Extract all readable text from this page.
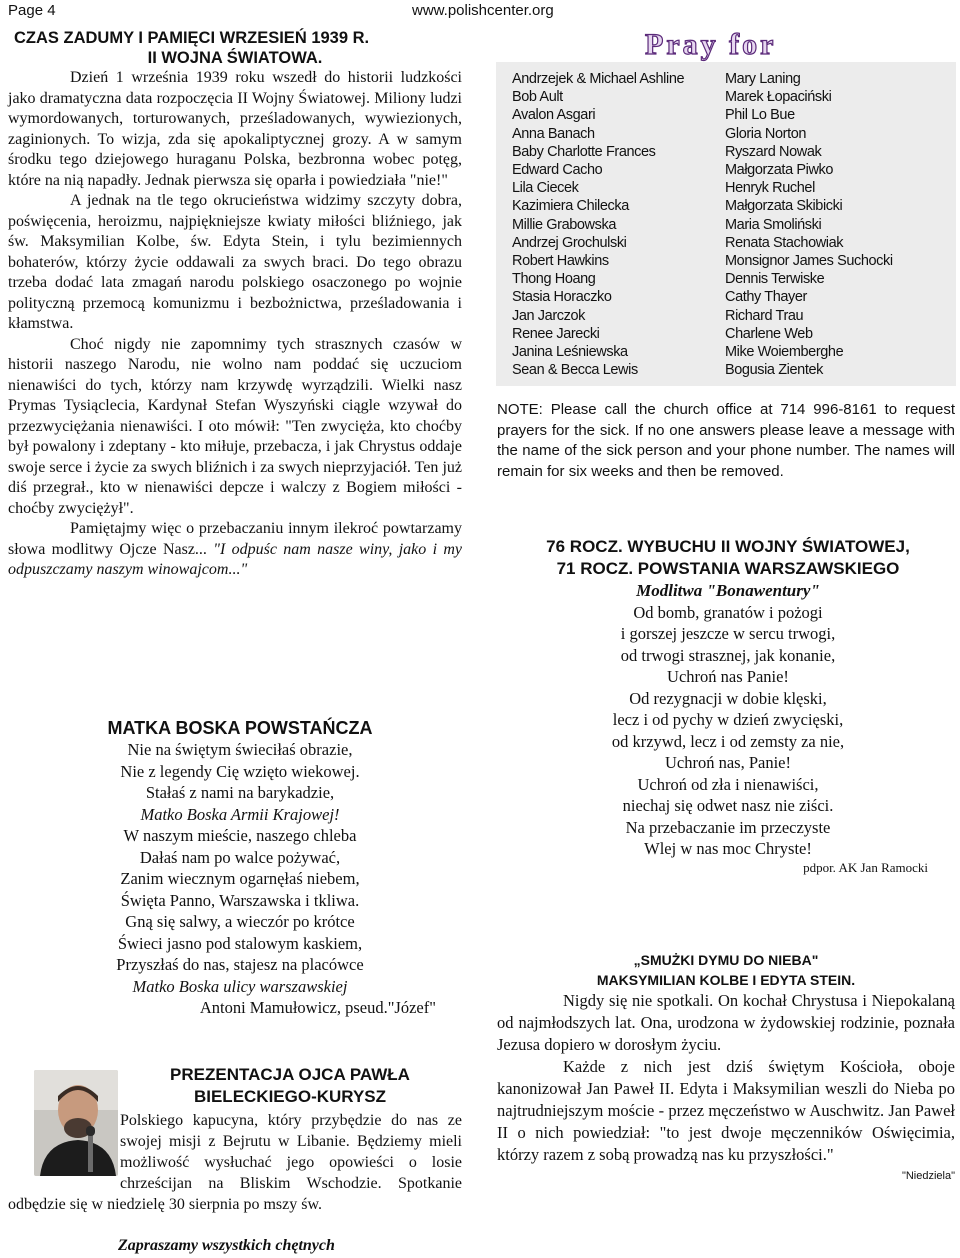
Page 4	www.polishcenter.org
CZAS ZADUMY I PAMIĘCI WRZESIEŃ 1939 R.
II WOJNA ŚWIATOWA.

Dzień 1 września 1939 roku wszedł do historii ludzkości jako dramatyczna data rozpoczęcia II Wojny Światowej. Miliony ludzi wymordowanych, torturowanych, prześladowanych, wywiezionych, zaginionych. To wizja, zda się apokaliptycznej grozy. A w samym środku tego dziejowego huraganu Polska, bezbronna wobec potęg, które na nią napadły. Jednak pierwsza się oparła i powiedziała "nie!"

A jednak na tle tego okrucieństwa widzimy szczyty dobra, poświęcenia, heroizmu, najpiękniejsze kwiaty miłości bliźniego, jak św. Maksymilian Kolbe, św. Edyta Stein, i tylu bezimiennych bohaterów, którzy życie oddawali za swych braci. Do tego obrazu trzeba dodać lata zmagań narodu polskiego osaczonego po wojnie polityczną przemocą komunizmu i bezbożnictwa, prześladowania i kłamstwa.

Choć nigdy nie zapomnimy tych strasznych czasów w historii naszego Narodu, nie wolno nam poddać się uczuciom nienawiści do tych, którzy nam krzywdę wyrządzili. Wielki nasz Prymas Tysiąclecia, Kardynał Stefan Wyszyński ciągle wzywał do przezwyciężania nienawiści. I oto mówił: "Ten zwycięża, kto choćby był powalony i zdeptany - kto miłuje, przebacza, i jak Chrystus oddaje swoje serce i życie za swych bliźnich i za swych nieprzyjaciół. Ten już diś przegrał., kto w nienawiści depcze i walczy z Bogiem miłości - choćby zwyciężył".

Pamiętajmy więc o przebaczaniu innym ilekroć powtarzamy słowa modlitwy Ojcze Nasz... "I odpuśc nam nasze winy, jako i my odpuszczamy naszym winowajcom..."

MATKA BOSKA POWSTAŃCZA
Nie na świętym świeciłaś obrazie,
Nie z legendy Cię wzięto wiekowej.
Stałaś z nami na barykadzie,
Matko Boska Armii Krajowej!
W naszym mieście, naszego chleba
Dałaś nam po walce pożywać,
Zanim wiecznym ogarnęłaś niebem,
Święta Panno, Warszawska i tkliwa.
Gną się salwy, a wieczór po krótce
Świeci jasno pod stalowym kaskiem,
Przyszłaś do nas, stajesz na placówce
Matko Boska ulicy warszawskiej
Antoni Mamułowicz, pseud."Józef"
PREZENTACJA OJCA PAWŁA
BIELECKIEGO-KURYSZ
Polskiego kapucyna, który przybędzie do nas ze swojej misji z Bejrutu w Libanie. Będziemy mieli możliwość wysłuchać jego opowieści o losie chrześcijan na Bliskim Wschodzie. Spotkanie odbędzie się w niedzielę 30 sierpnia po mszy św.
Zapraszamy wszystkich chętnych
Pray for
Andrzejek & Michael Ashline
Bob Ault
Avalon Asgari
Anna Banach
Baby Charlotte Frances
Edward Cacho
Lila Ciecek
Kazimiera Chilecka
Millie Grabowska
Andrzej Grochulski
Robert Hawkins
Thong Hoang
Stasia Horaczko
Jan Jarczok
Renee Jarecki
Janina Leśniewska
Sean & Becca Lewis
Mary Laning
Marek Łopaciński
Phil Lo Bue
Gloria Norton
Ryszard Nowak
Małgorzata Piwko
Henryk Ruchel
Małgorzata Skibicki
Maria Smoliński
Renata Stachowiak
Monsignor James Suchocki
Dennis Terwiske
Cathy Thayer
Richard Trau
Charlene Web
Mike Woiemberghe
Bogusia Zientek
NOTE: Please call the church office at 714 996-8161 to request prayers for the sick. If no one answers please leave a message with the name of the sick person and your phone number. The names will remain for six weeks and then be removed.
76 ROCZ. WYBUCHU II WOJNY ŚWIATOWEJ,
71 ROCZ. POWSTANIA WARSZAWSKIEGO
Modlitwa "Bonawentury"
Od bomb, granatów i pożogi
i gorszej jeszcze w sercu trwogi,
od trwogi strasznej, jak konanie,
Uchroń nas Panie!
Od rezygnacji w dobie klęski,
lecz i od pychy w dzień zwycięski,
od krzywd, lecz i od zemsty za nie,
Uchroń nas, Panie!
Uchroń od zła i nienawiści,
niechaj się odwet nasz nie ziści.
Na przebaczanie im przeczyste
Wlej w nas moc Chryste!
pdpor. AK Jan Ramocki
„SMUŻKI DYMU DO NIEBA"
MAKSYMILIAN KOLBE I EDYTA STEIN.

Nigdy się nie spotkali. On kochał Chrystusa i Niepokalaną od najmłodszych lat. Ona, urodzona w żydowskiej rodzinie, poznała Jezusa dopiero w dorosłym życiu.

Każde z nich jest dziś świętym Kościoła, oboje kanonizował Jan Paweł II. Edyta i Maksymilian weszli do Nieba po najtrudniejszym moście - przez męczeństwo w Auschwitz. Jan Paweł II o nich powiedział: "to jest dwoje męczenników Oświęcimia, którzy razem z sobą prowadzą nas ku przyszłości."

"Niedziela"
